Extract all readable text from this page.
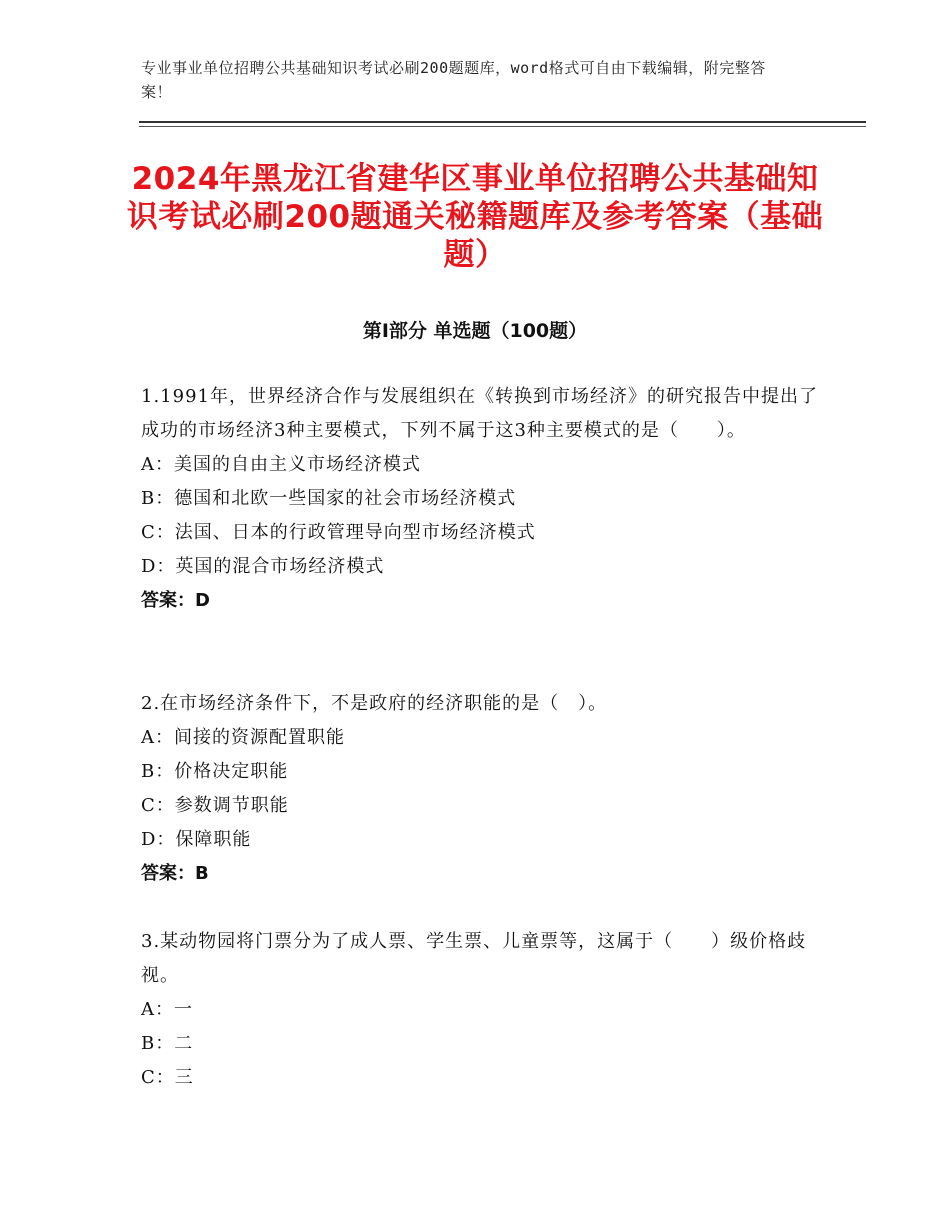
专业事业单位招聘公共基础知识考试必刷200题题库，word格式可自由下载编辑，附完整答案！
2024年黑龙江省建华区事业单位招聘公共基础知识考试必刷200题通关秘籍题库及参考答案（基础题）
第Ⅰ部分 单选题（100题）
1.1991年，世界经济合作与发展组织在《转换到市场经济》的研究报告中提出了成功的市场经济3种主要模式，下列不属于这3种主要模式的是（　　）。
A：美国的自由主义市场经济模式
B：德国和北欧一些国家的社会市场经济模式
C：法国、日本的行政管理导向型市场经济模式
D：英国的混合市场经济模式
答案：D
2.在市场经济条件下，不是政府的经济职能的是（　）。
A：间接的资源配置职能
B：价格决定职能
C：参数调节职能
D：保障职能
答案：B
3.某动物园将门票分为了成人票、学生票、儿童票等，这属于（　　）级价格歧视。
A：一
B：二
C：三
